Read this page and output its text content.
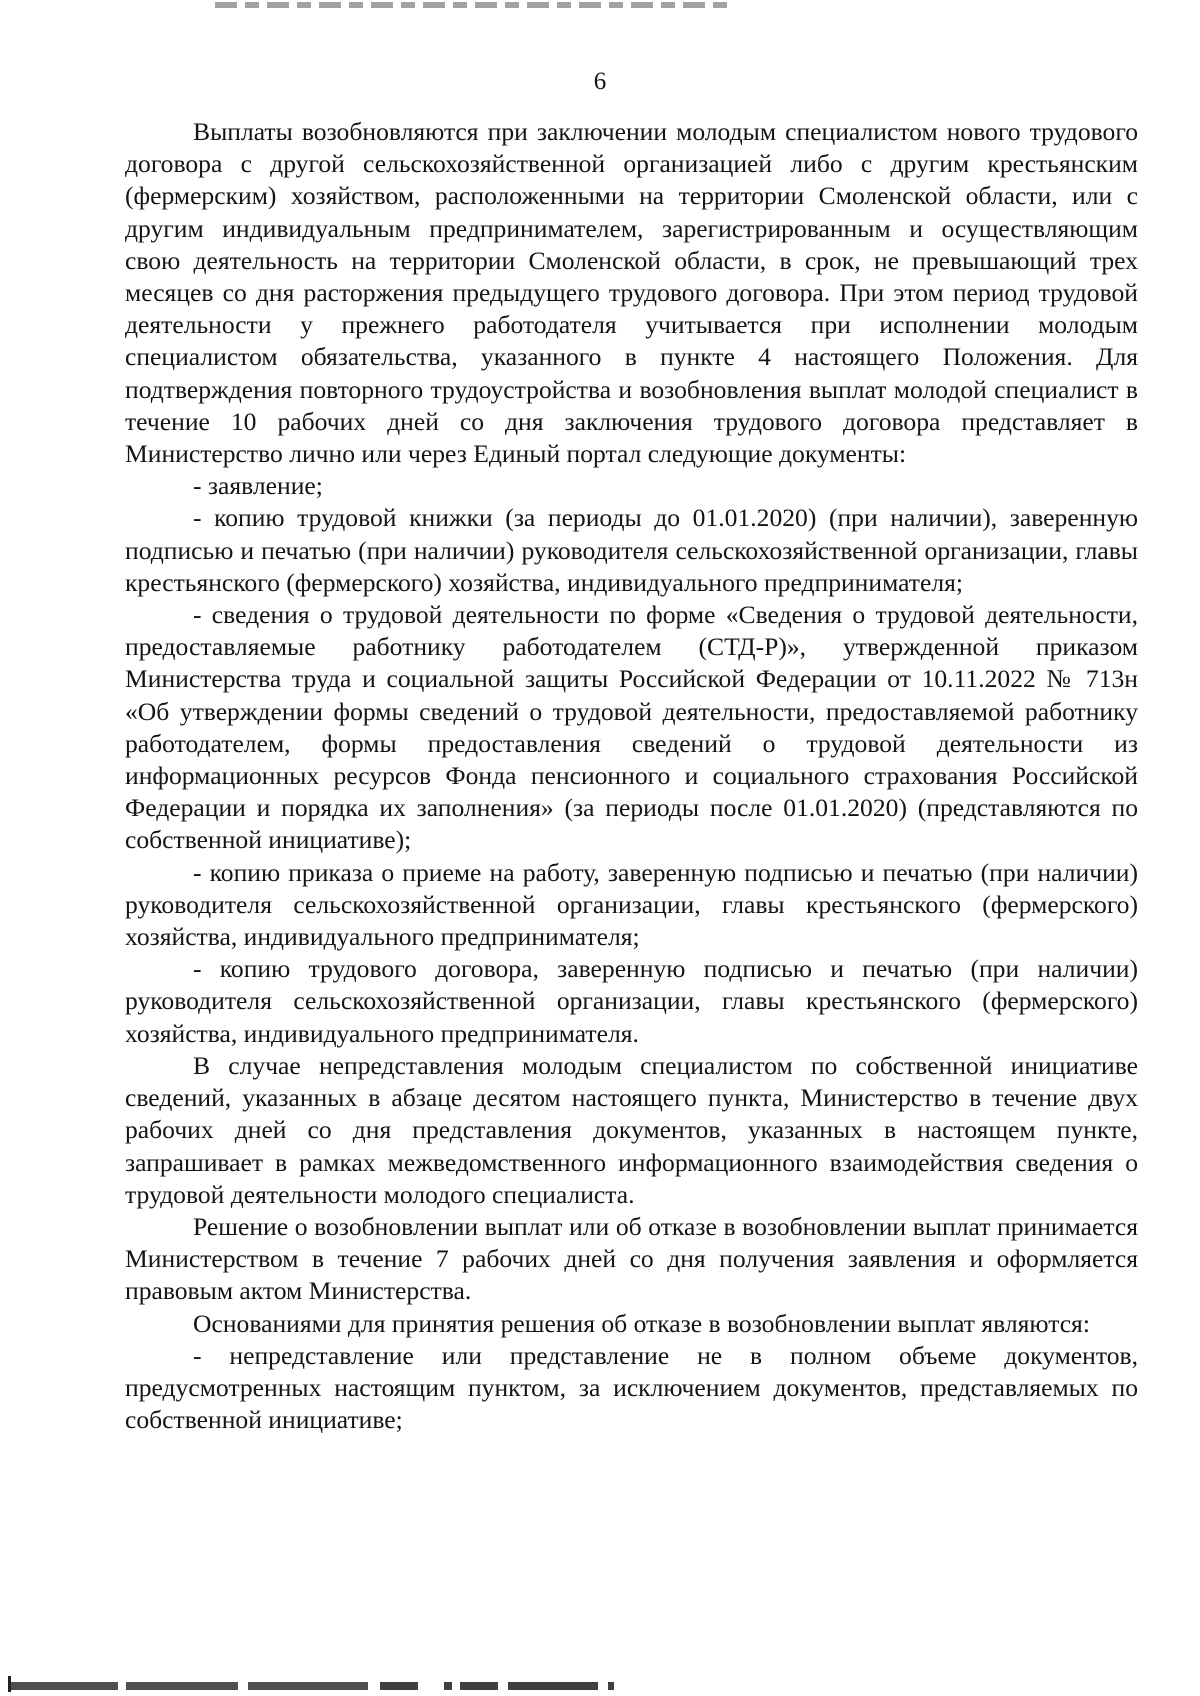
6

Выплаты возобновляются при заключении молодым специалистом нового трудового договора с другой сельскохозяйственной организацией либо с другим крестьянским (фермерским) хозяйством, расположенными на территории Смоленской области, или с другим индивидуальным предпринимателем, зарегистрированным и осуществляющим свою деятельность на территории Смоленской области, в срок, не превышающий трех месяцев со дня расторжения предыдущего трудового договора. При этом период трудовой деятельности у прежнего работодателя учитывается при исполнении молодым специалистом обязательства, указанного в пункте 4 настоящего Положения. Для подтверждения повторного трудоустройства и возобновления выплат молодой специалист в течение 10 рабочих дней со дня заключения трудового договора представляет в Министерство лично или через Единый портал следующие документы:

- заявление;

- копию трудовой книжки (за периоды до 01.01.2020) (при наличии), заверенную подписью и печатью (при наличии) руководителя сельскохозяйственной организации, главы крестьянского (фермерского) хозяйства, индивидуального предпринимателя;

- сведения о трудовой деятельности по форме «Сведения о трудовой деятельности, предоставляемые работнику работодателем (СТД-Р)», утвержденной приказом Министерства труда и социальной защиты Российской Федерации от 10.11.2022 № 713н «Об утверждении формы сведений о трудовой деятельности, предоставляемой работнику работодателем, формы предоставления сведений о трудовой деятельности из информационных ресурсов Фонда пенсионного и социального страхования Российской Федерации и порядка их заполнения» (за периоды после 01.01.2020) (представляются по собственной инициативе);

- копию приказа о приеме на работу, заверенную подписью и печатью (при наличии) руководителя сельскохозяйственной организации, главы крестьянского (фермерского) хозяйства, индивидуального предпринимателя;

- копию трудового договора, заверенную подписью и печатью (при наличии) руководителя сельскохозяйственной организации, главы крестьянского (фермерского) хозяйства, индивидуального предпринимателя.

В случае непредставления молодым специалистом по собственной инициативе сведений, указанных в абзаце десятом настоящего пункта, Министерство в течение двух рабочих дней со дня представления документов, указанных в настоящем пункте, запрашивает в рамках межведомственного информационного взаимодействия сведения о трудовой деятельности молодого специалиста.

Решение о возобновлении выплат или об отказе в возобновлении выплат принимается Министерством в течение 7 рабочих дней со дня получения заявления и оформляется правовым актом Министерства.

Основаниями для принятия решения об отказе в возобновлении выплат являются:

- непредставление или представление не в полном объеме документов, предусмотренных настоящим пунктом, за исключением документов, представляемых по собственной инициативе;
